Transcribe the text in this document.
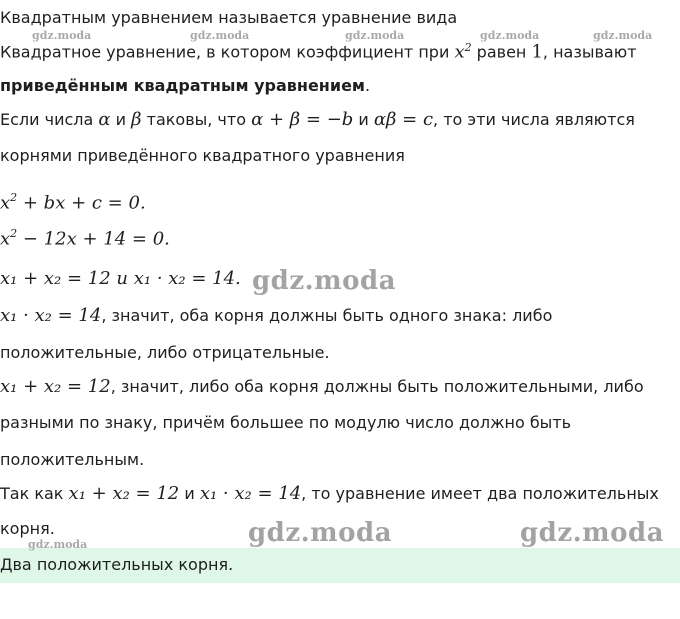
Квадратным уравнением называется уравнение вида
gdz.moda	gdz.moda	gdz.moda	gdz.moda	gdz.moda
Квадратное уравнение, в котором коэффициент при $x^2$ равен 1, называют
приведённым квадратным уравнением.
Если числа α и β таковы, что α + β = −b и αβ = c, то эти числа являются
корнями приведённого квадратного уравнения
$x^2$ + bx + c = 0.
$x^2 - 12x + 14 = 0$.
x₁ + x₂ = 12 и x₁ · x₂ = 14. gdz.moda
x₁ · x₂ = 14, значит, оба корня должны быть одного знака: либо
положительные, либо отрицательные.
x₁ + x₂ = 12, значит, либо оба корня должны быть положительными, либо
разными по знаку, причём большее по модулю число должно быть
положительным.
Так как x₁ + x₂ = 12 и x₁ · x₂ = 14, то уравнение имеет два положительных
корня.	gdz.moda	gdz.moda
Два положительных корня.
gdz.moda
